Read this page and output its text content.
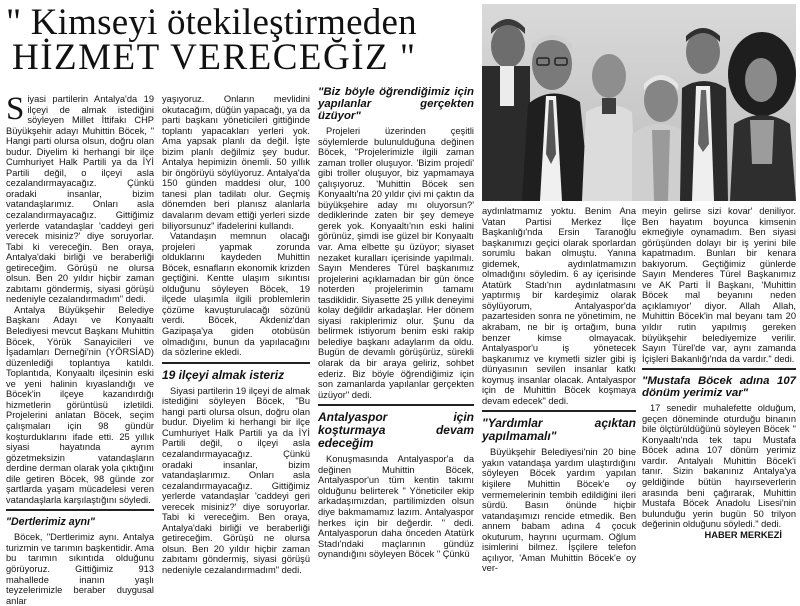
" Kimseyi ötekileştirmeden
HİZMET VERECEĞİZ "

Siyasi partilerin Antalya'da 19 ilçeyi de almak istediğini söyleyen Millet İttifakı CHP Büyükşehir adayı Muhittin Böcek, " Hangi parti olursa olsun, doğru olan budur. Diyelim ki herhangi bir ilçe Cumhuriyet Halk Partili ya da İYİ Partili değil, o ilçeyi asla cezalandırmayacağız. Çünkü oradaki insanlar, bizim vatandaşlarımız. Onları asla cezalandırmayacağız. Gittiğimiz yerlerde vatandaşlar 'caddeyi geri verecek misiniz?' diye soruyorlar. Tabi ki vereceğin. Ben oraya, Antalya'daki birliği ve beraberliği getireceğim. Görüşü ne olursa olsun. Ben 20 yıldır hiçbir zaman zabıtamı göndermiş, siyasi görüşü nedeniyle cezalandırmadım" dedi.

Antalya Büyükşehir Belediye Başkanı Adayı ve Konyaaltı Belediyesi mevcut Başkanı Muhittin Böcek, Yörük Sanayicileri ve İşadamları Derneği'nin (YÖRSİAD) düzenlediği toplantıya katıldı. Toplantıda, Konyaaltı ilçesinin eski ve yeni halinin kıyaslandığı ve Böcek'in ilçeye kazandırdığı hizmetlerin görüntüsü izletildi. Projelerini anlatan Böcek, seçim çalışmaları için 98 gündür koşturduklarını ifade etti. 25 yıllık siyasi hayatında ayrım gözetmeksizin vatandaşların derdine derman olarak yola çıktığını dile getiren Böcek, 98 günde zor şartlarda yaşam mücadelesi veren vatandaşlarla karşılaştığını söyledi.

"Dertlerimiz aynı"

Böcek, "Dertlerimiz aynı. Antalya turizmin ve tarımın başkentidir. Ama bu tarımın sıkıntıda olduğunu görüyoruz. Gittiğimiz 913 mahallede inanın yaşlı teyzelerimizle beraber duygusal anlar

yaşıyoruz. Onların mevlidini okutacağım, düğün yapacağı, ya da parti başkanı yöneticileri gittiğinde toplantı yapacakları yerleri yok. Ama yapsak planlı da değil. İşte bizim planlı değilmiz şey budur. Antalya hepimizin önemli. 50 yıllık bir öngörüyü söylüyoruz. Antalya'da 150 günden maddesi olur, 100 tanesi plan tadilatı olur. Geçmiş dönemden beri planısz alanlarla davalarım devam ettiği yerleri sizde biliyorsunuz" ifadelerini kullandı.

Vatandaşın memnun olacağı projeleri yapmak zorunda olduklarını kaydeden Muhittin Böcek, esnafların ekonomik krizden geçtiğini. Kentte ulaşım sıkıntısı olduğunu söyleyen Böcek, 19 ilçede ulaşımla ilgili problemlerin çözüme kavuşturulacağı sözünü verdi. Böcek, Akdeniz'dan Gazipaşa'ya giden otobüsün olmadığını, bunun da yapılacağını da sözlerine ekledi.

19 ilçeyi almak isteriz

Siyasi partilerin 19 ilçeyi de almak istediğini söyleyen Böcek, "Bu hangi parti olursa olsun, doğru olan budur. Diyelim ki herhangi bir ilçe Cumhuriyet Halk Partili ya da İYİ Partili değil, o ilçeyi asla cezalandırmayacağız. Çünkü oradaki insanlar, bizim vatandaşlarımız. Onları asla cezalandırmayacağız. Gittiğimiz yerlerde vatandaşlar 'caddeyi geri verecek misiniz?' diye soruyorlar. Tabi ki vereceğim. Ben oraya, Antalya'daki birliği ve beraberliği getireceğim. Görüşü ne olursa olsun. Ben 20 yıldır hiçbir zaman zabıtamı göndermiş, siyasi görüşü nedeniyle cezalandırmadım" dedi.

"Biz böyle öğrendiğimiz için yapılanlar gerçekten üzüyor"

Projeleri üzerinden çeşitli söylemlerde bulunulduğuna değinen Böcek, "Projelerimizle ilgili zaman zaman troller oluşuyor. 'Bizim projedi' gibi troller oluşuyor, biz yapmamaya çalışıyoruz. 'Muhittin Böcek sen Konyaaltı'na 20 yıldır çivi mi çaktın da büyükşehire aday mı oluyorsun?' dediklerinde zaten bir şey demeye gerek yok. Konyaaltı'nın eski halini görünüz, şimdi ise güzel bir Konyaaltı var. Ama elbette şu üzüyor; siyaset nezaket kuralları içerisinde yapılmalı. Sayın Menderes Türel başkanımız projelerini açıklamadan bir gün önce noterden projelerimin tamamı tasdiklidir. Siyasette 25 yıllık deneyimi kolay değildir arkadaşlar. Her dönem siyasi rakiplerimiz olur. Şunu da belirmek istiyorum benim eski rakip belediye başkanı adaylarım da oldu. Bugün de devamlı görüşürüz, sürekli olarak da bir araya geliriz, sohbet ederiz. Biz böyle öğrendiğimiz için son zamanlarda yapılanlar gerçekten üzüyor" dedi.

Antalyaspor için koşturmaya devam edeceğim

Konuşmasında Antalyaspor'a da değinen Muhittin Böcek, Antalyaspor'un tüm kentin takımı olduğunu belirterek " Yöneticiler ekip arkadaşımızdan, partilimizden olsun diye bakmamamız lazım. Antalyaspor herkes için bir değerdir. " dedi. Antalyasporun daha önceden Atatürk Stadı'ndaki maçlarının gündüz oynandığını söyleyen Böcek " Çünkü

aydınlatmamız yoktu. Benim Ana Vatan Partisi Merkez İlçe Başkanlığı'nda Ersin Taranoğlu başkanımızı geçici olarak sporlardan sorumlu bakan olmuştu. Yanına gidemek, aydınlatmamızın olmadığını söyledim. 6 ay içerisinde Atatürk Stadı'nın aydınlatmasını yaptırmış bir kardeşimiz olarak söylüyorum, Antalyaspor'da pazartesiden sonra ne yönetimim, ne akrabam, ne bir iş ortağım, buna benzer kimse olmayacak. Antalyaspor'u iş yönetecek başkanımız ve kıymetli sizler gibi iş dünyasının sevilen insanlar katkı koymuş insanlar olacak. Antalyaspor için de Muhittin Böcek koşmaya devam edecek" dedi.

"Yardımlar açıktan yapılmamalı"

Büyükşehir Belediyesi'nin 20 bine yakın vatandaşa yardım ulaştırdığını söyleyen Böcek yardım yapılan kişilere Muhittin Böcek'e oy vermemelerinin tembih edildiğini ileri sürdü. Basın önünde hiçbir vatandaşımızı rencide etmedik. Ben annem babam adına 4 çocuk okuturum, hayrını uçurmam. Oğlum isimlerini bilmez. İşçilere telefon açılıyor, 'Aman Muhittin Böcek'e oy ver-

meyin gelirse sizi kovar' deniliyor. Ben hayatım boyunca kimsenin ekmeğiyle oynamadım. Ben siyasi görüşünden dolayı bir iş yerini bile kapatmadım. Bunları bir kenara bakıyorum. Geçtiğimiz günlerde Sayın Menderes Türel Başkanımız ve AK Parti İl Başkanı, 'Muhittin Böcek mal beyanını neden açıklamıyor' diyor. Allah Allah, Muhittin Böcek'in mal beyanı tam 20 yıldır rutin yapılmış gereken büyükşehir belediyemize verilir. Sayın Türel'de var, aynı zamanda İçişleri Bakanlığı'nda da vardır." dedi.

"Mustafa Böcek adına 107 dönüm yerimiz var"

17 senedir muhalefette olduğum, geçen döneminde oturduğu binanın bile ölçtürüldüğünü söyleyen Böcek " Konyaaltı'nda tek tapu Mustafa Böcek adına 107 dönüm yerimiz vardır. Antalyalı Muhittin Böcek'i tanır. Sizin bakanınız Antalya'ya geldiğinde bütün hayırseverlerin arasında beni çağırarak, Muhittin Mustafa Böcek Anadolu Lisesi'nin bulunduğu yerin bugün 50 trilyon değerinin olduğunu söyledi." dedi.

HABER MERKEZİ
